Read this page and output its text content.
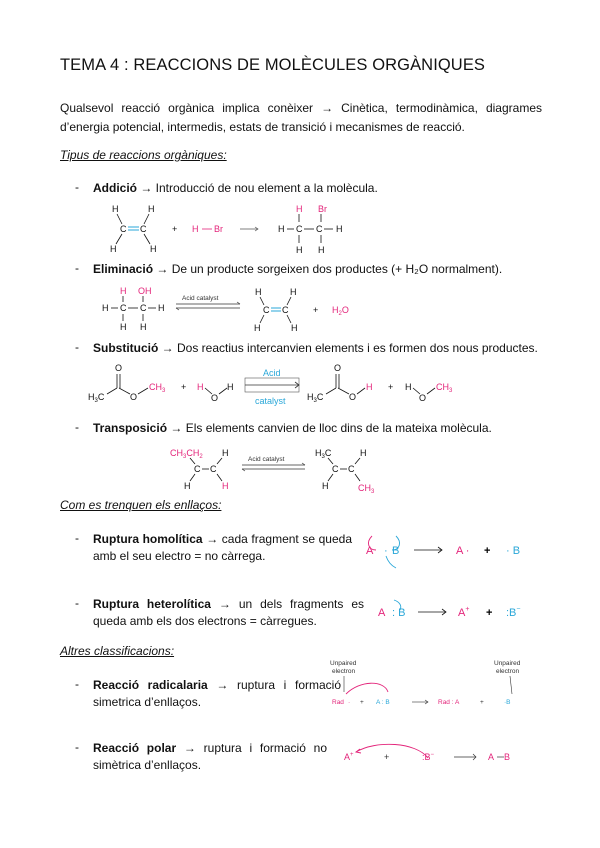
TEMA 4 : REACCIONS DE MOLÈCULES ORGÀNIQUES
Qualsevol reacció orgànica implica conèixer → Cinètica, termodinàmica, diagrames d’energia potencial, intermedis, estats de transició i mecanismes de reacció.
Tipus de reaccions orgàniques:
- Addició → Introducció de nou element a la molècula.
H	H
C C
H	H
+ H Br
H Br
H C C H
H H
- Eliminació → De un producte sorgeixen dos productes (+ H₂O normalment).
H OH
H C C H
H H
Acid catalyst
H	H
C C
H	H
+ $H_2O$
- Substitució → Dos reactius intercanvien elements i es formen dos nous productes.
$H_3C$
O
O
$CH_3 + H$
O
H
Acid
catalyst $H_3C$
O
O
H + H
O
$CH_3$
- Transposició → Els elements canvien de lloc dins de la mateixa molècula.
$CH_3CH_2$ H
C C
H	H
Acid catalyst
$H_3C$	H
C C
H	$CH_3$
Com es trenquen els enllaços:
- Ruptura homolítica → cada fragment se queda amb el seu electro = no càrrega.	A · B	A · + · B
- Ruptura heterolítica → un dels fragments es queda amb els dos electrons = càrregues.
A : B	A+ + :B−
Altres classificacions:
- Reacció radicalaria → ruptura i formació simetrica d’enllaços.
Unpaired
electron
Unpaired
electron
Rad · + A : B	Rad : A	+	·B
- Reacció polar → ruptura i formació no simètrica d’enllaços.
A+	+	:B−	A B
